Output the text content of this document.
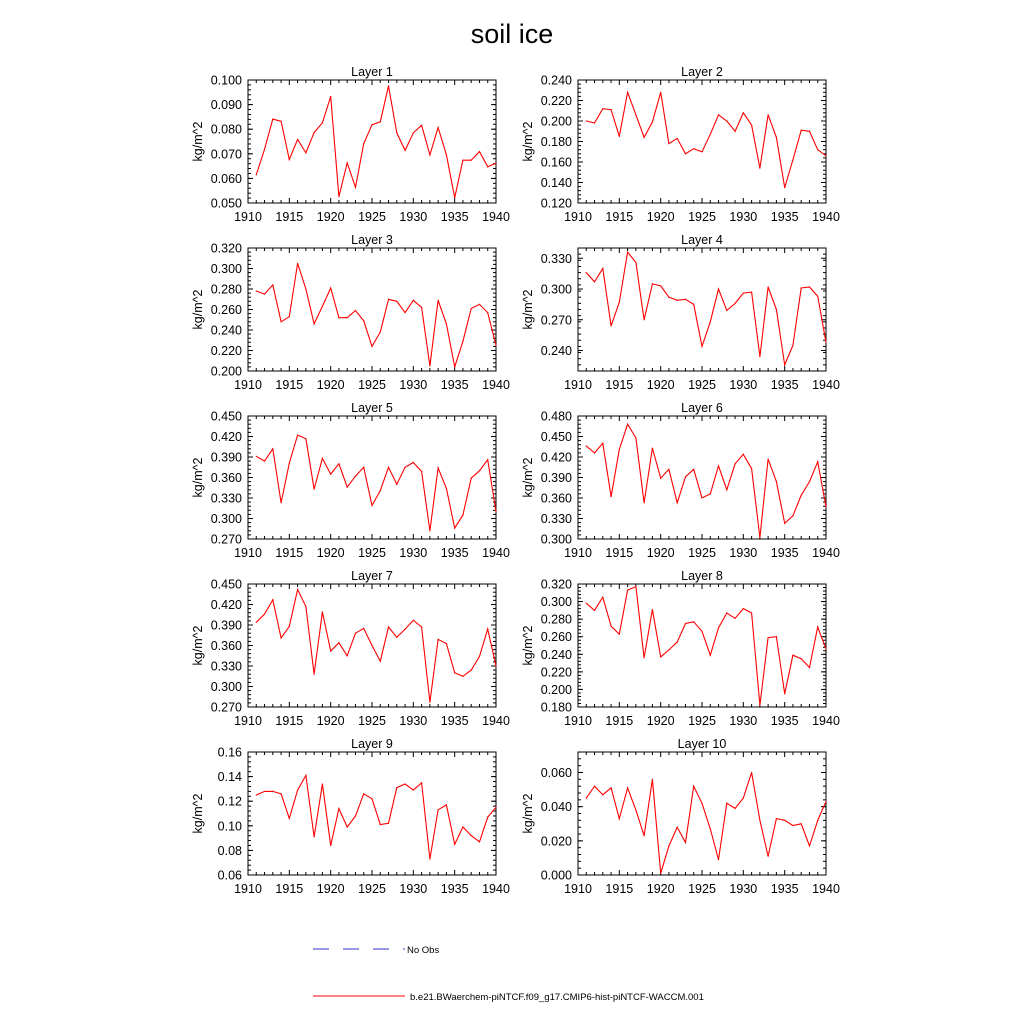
soil ice
Layer 1
kg/m^2
1910 1915 1920 1925 1930 1935 1940
0.050
0.060
0.070
0.080
0.090
0.100
Layer 2
kg/m^2
1910 1915 1920 1925 1930 1935 1940
0.120
0.140
0.160
0.180
0.200
0.220
0.240
Layer 3
kg/m^2
1910 1915 1920 1925 1930 1935 1940
0.200
0.220
0.240
0.260
0.280
0.300
0.320
Layer 4
kg/m^2
1910 1915 1920 1925 1930 1935 1940
0.240
0.270
0.300
0.330
Layer 5
kg/m^2
1910 1915 1920 1925 1930 1935 1940
0.270
0.300
0.330
0.360
0.390
0.420
0.450
Layer 6
kg/m^2
1910 1915 1920 1925 1930 1935 1940
0.300
0.330
0.360
0.390
0.420
0.450
0.480
Layer 7
kg/m^2
1910 1915 1920 1925 1930 1935 1940
0.270
0.300
0.330
0.360
0.390
0.420
0.450
Layer 8
kg/m^2
1910 1915 1920 1925 1930 1935 1940
0.180
0.200
0.220
0.240
0.260
0.280
0.300
0.320
Layer 9
kg/m^2
1910 1915 1920 1925 1930 1935 1940
0.06
0.08
0.10
0.12
0.14
0.16
Layer 10
kg/m^2
1910 1915 1920 1925 1930 1935 1940
0.000
0.020
0.040
0.060
No Obs
b.e21.BWaerchem-piNTCF.f09_g17.CMIP6-hist-piNTCF-WACCM.001
